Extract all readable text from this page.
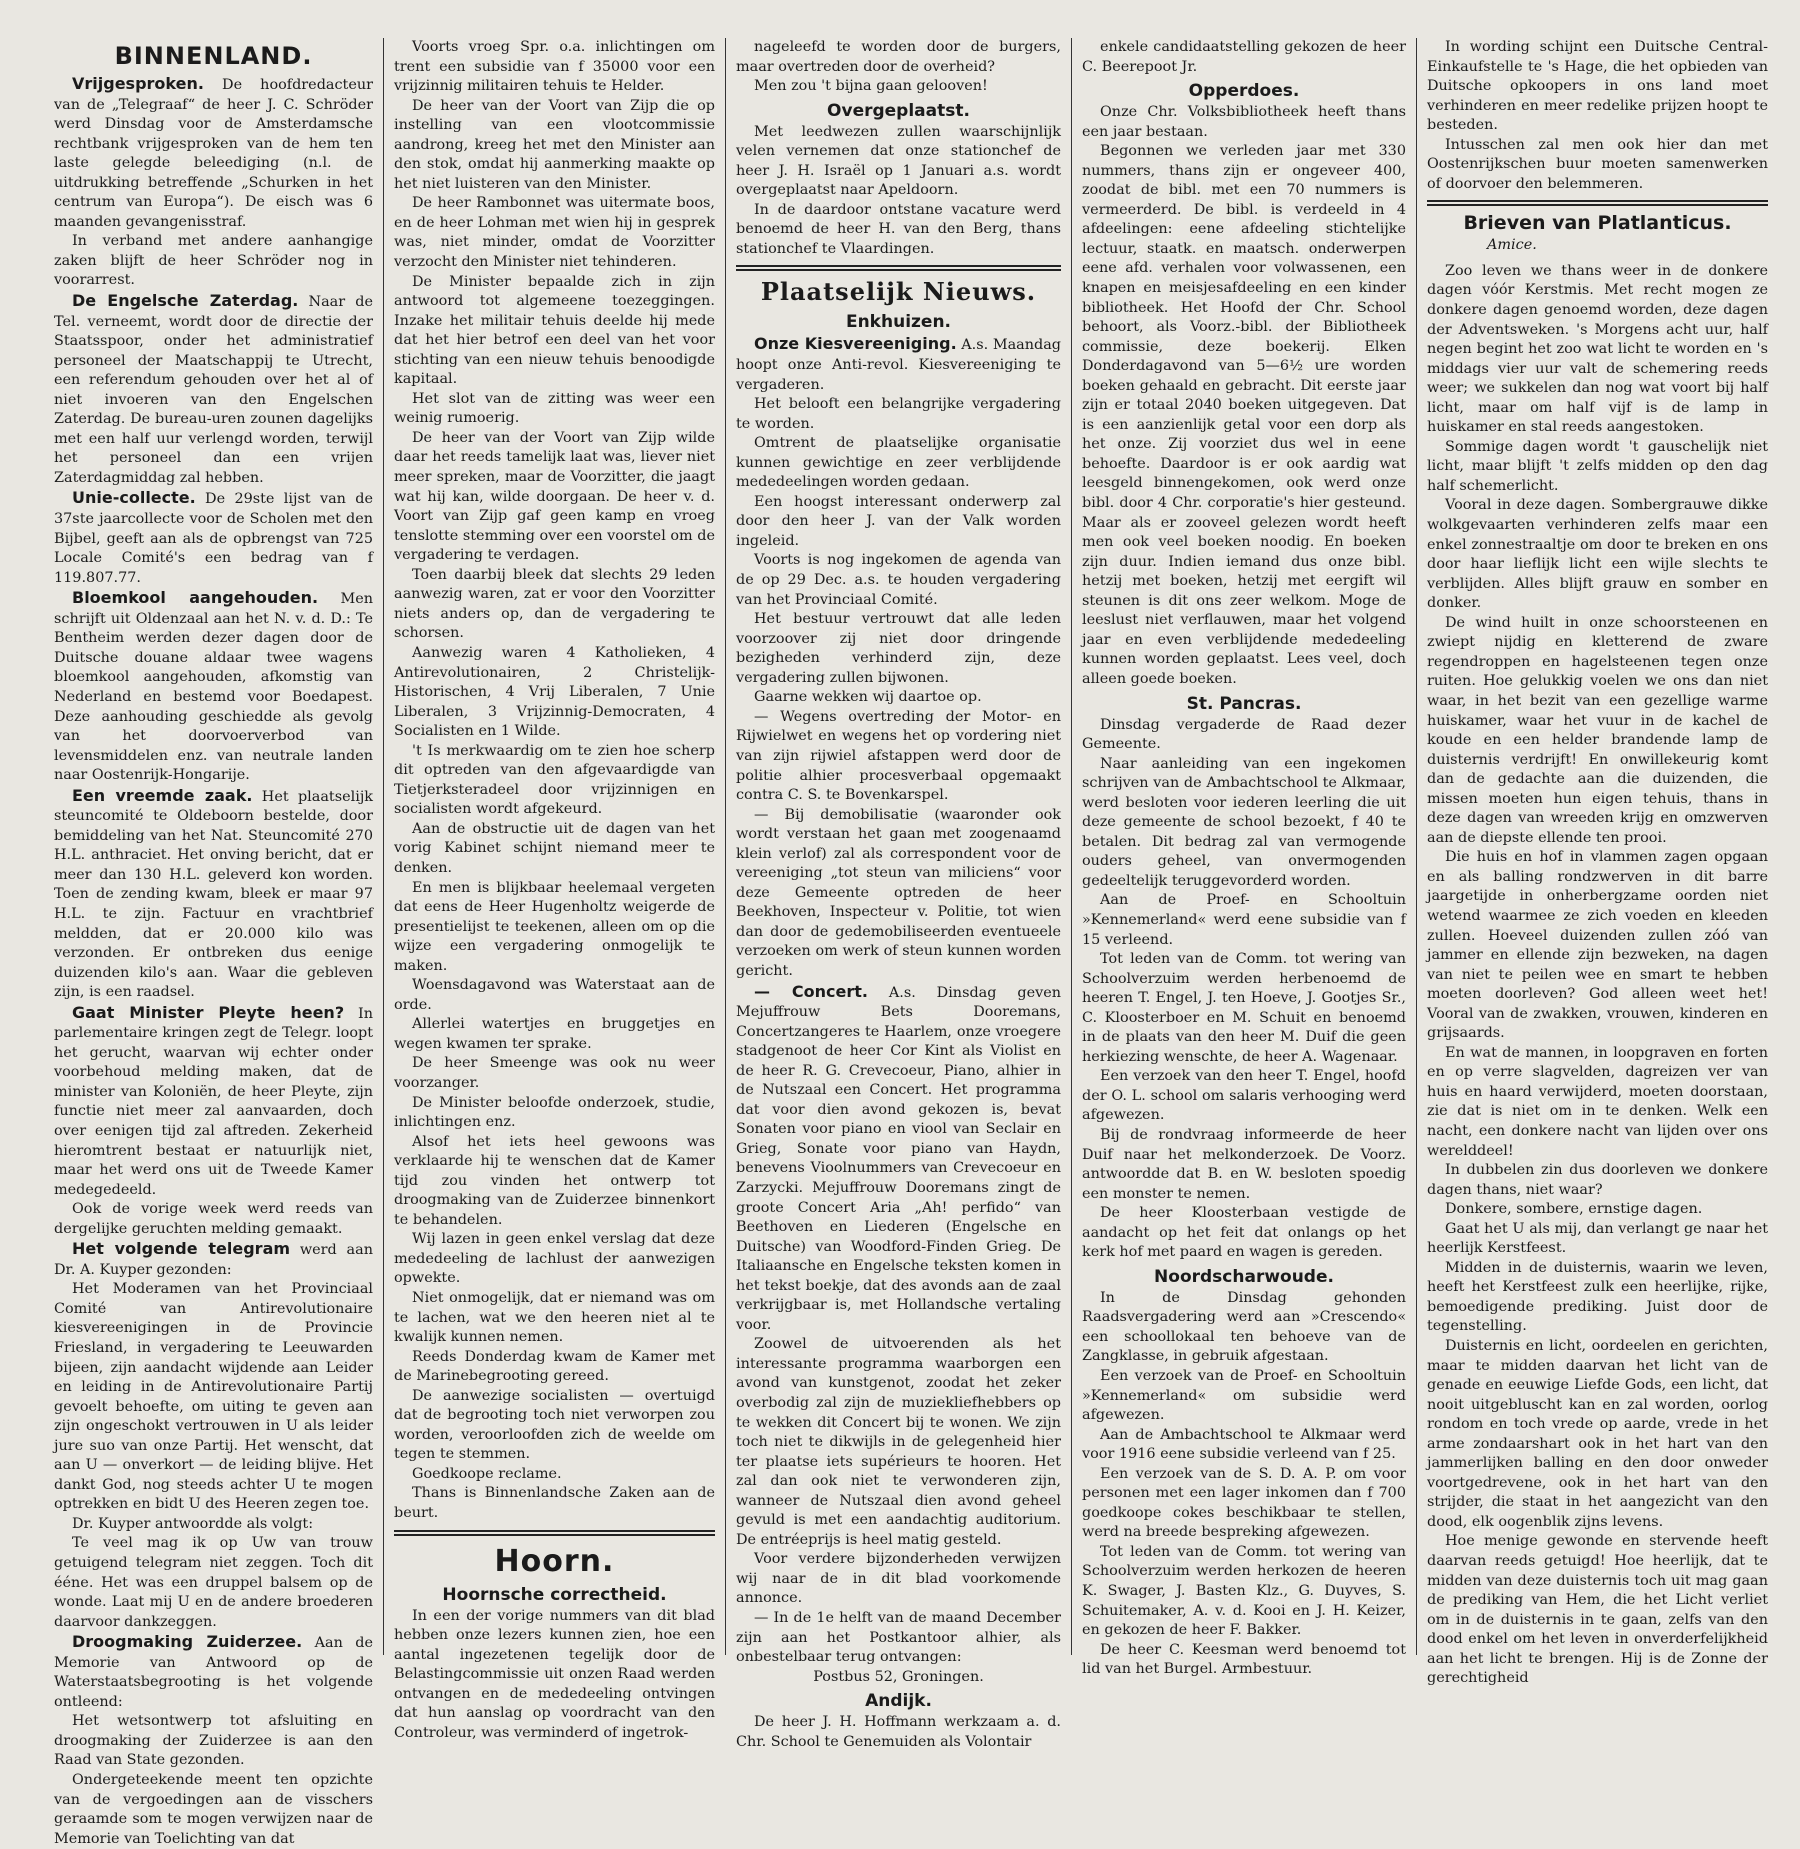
BINNENLAND.

Vrijgesproken. De hoofdredacteur van de „Telegraaf“ de heer J. C. Schröder werd Dinsdag voor de Amsterdamsche rechtbank vrijgesproken van de hem ten laste gelegde beleediging (n.l. de uitdrukking betreffende „Schurken in het centrum van Europa“). De eisch was 6 maanden gevangenisstraf.

In verband met andere aanhangige zaken blijft de heer Schröder nog in voorarrest.

De Engelsche Zaterdag. Naar de Tel. verneemt, wordt door de directie der Staatsspoor, onder het administratief personeel der Maatschappij te Utrecht, een referendum gehouden over het al of niet invoeren van den Engelschen Zaterdag. De bureau-uren zounen dagelijks met een half uur verlengd worden, terwijl het personeel dan een vrijen Zaterdagmiddag zal hebben.

Unie-collecte. De 29ste lijst van de 37ste jaarcollecte voor de Scholen met den Bijbel, geeft aan als de opbrengst van 725 Locale Comité's een bedrag van f 119.807.77.

Bloemkool aangehouden. Men schrijft uit Oldenzaal aan het N. v. d. D.: Te Bentheim werden dezer dagen door de Duitsche douane aldaar twee wagens bloemkool aangehouden, afkomstig van Nederland en bestemd voor Boedapest. Deze aanhouding geschiedde als gevolg van het doorvoerverbod van levensmiddelen enz. van neutrale landen naar Oostenrijk-Hongarije.

Een vreemde zaak. Het plaatselijk steuncomité te Oldeboorn bestelde, door bemiddeling van het Nat. Steuncomité 270 H.L. anthraciet. Het onving bericht, dat er meer dan 130 H.L. geleverd kon worden. Toen de zending kwam, bleek er maar 97 H.L. te zijn. Factuur en vrachtbrief meldden, dat er 20.000 kilo was verzonden. Er ontbreken dus eenige duizenden kilo's aan. Waar die gebleven zijn, is een raadsel.

Gaat Minister Pleyte heen? In parlementaire kringen zegt de Telegr. loopt het gerucht, waarvan wij echter onder voorbehoud melding maken, dat de minister van Koloniën, de heer Pleyte, zijn functie niet meer zal aanvaarden, doch over eenigen tijd zal aftreden. Zekerheid hieromtrent bestaat er natuurlijk niet, maar het werd ons uit de Tweede Kamer medegedeeld.

Ook de vorige week werd reeds van dergelijke geruchten melding gemaakt.

Het volgende telegram werd aan Dr. A. Kuyper gezonden:

Het Moderamen van het Provinciaal Comité van Antirevolutionaire kiesvereenigingen in de Provincie Friesland, in vergadering te Leeuwarden bijeen, zijn aandacht wijdende aan Leider en leiding in de Antirevolutionaire Partij gevoelt behoefte, om uiting te geven aan zijn ongeschokt vertrouwen in U als leider jure suo van onze Partij. Het wenscht, dat aan U — onverkort — de leiding blijve. Het dankt God, nog steeds achter U te mogen optrekken en bidt U des Heeren zegen toe.

Dr. Kuyper antwoordde als volgt:

Te veel mag ik op Uw van trouw getuigend telegram niet zeggen. Toch dit ééne. Het was een druppel balsem op de wonde. Laat mij U en de andere broederen daarvoor dankzeggen.

Droogmaking Zuiderzee. Aan de Memorie van Antwoord op de Waterstaatsbegrooting is het volgende ontleend:

Het wetsontwerp tot afsluiting en droogmaking der Zuiderzee is aan den Raad van State gezonden.

Ondergeteekende meent ten opzichte van de vergoedingen aan de visschers geraamde som te mogen verwijzen naar de Memorie van Toelichting van dat

Voorts vroeg Spr. o.a. inlichtingen om trent een subsidie van f 35000 voor een vrijzinnig militairen tehuis te Helder.

De heer van der Voort van Zijp die op instelling van een vlootcommissie aandrong, kreeg het met den Minister aan den stok, omdat hij aanmerking maakte op het niet luisteren van den Minister.

De heer Rambonnet was uitermate boos, en de heer Lohman met wien hij in gesprek was, niet minder, omdat de Voorzitter verzocht den Minister niet tehinderen.

De Minister bepaalde zich in zijn antwoord tot algemeene toezeggingen. Inzake het militair tehuis deelde hij mede dat het hier betrof een deel van het voor stichting van een nieuw tehuis benoodigde kapitaal.

Het slot van de zitting was weer een weinig rumoerig.

De heer van der Voort van Zijp wilde daar het reeds tamelijk laat was, liever niet meer spreken, maar de Voorzitter, die jaagt wat hij kan, wilde doorgaan. De heer v. d. Voort van Zijp gaf geen kamp en vroeg tenslotte stemming over een voorstel om de vergadering te verdagen.

Toen daarbij bleek dat slechts 29 leden aanwezig waren, zat er voor den Voorzitter niets anders op, dan de vergadering te schorsen.

Aanwezig waren 4 Katholieken, 4 Antirevolutionairen, 2 Christelijk-Historischen, 4 Vrij Liberalen, 7 Unie Liberalen, 3 Vrijzinnig-Democraten, 4 Socialisten en 1 Wilde.

't Is merkwaardig om te zien hoe scherp dit optreden van den afgevaardigde van Tietjerksteradeel door vrijzinnigen en socialisten wordt afgekeurd.

Aan de obstructie uit de dagen van het vorig Kabinet schijnt niemand meer te denken.

En men is blijkbaar heelemaal vergeten dat eens de Heer Hugenholtz weigerde de presentielijst te teekenen, alleen om op die wijze een vergadering onmogelijk te maken.

Woensdagavond was Waterstaat aan de orde.

Allerlei watertjes en bruggetjes en wegen kwamen ter sprake.

De heer Smeenge was ook nu weer voorzanger.

De Minister beloofde onderzoek, studie, inlichtingen enz.

Alsof het iets heel gewoons was verklaarde hij te wenschen dat de Kamer tijd zou vinden het ontwerp tot droogmaking van de Zuiderzee binnenkort te behandelen.

Wij lazen in geen enkel verslag dat deze mededeeling de lachlust der aanwezigen opwekte.

Niet onmogelijk, dat er niemand was om te lachen, wat we den heeren niet al te kwalijk kunnen nemen.

Reeds Donderdag kwam de Kamer met de Marinebegrooting gereed.

De aanwezige socialisten — overtuigd dat de begrooting toch niet verworpen zou worden, veroorloofden zich de weelde om tegen te stemmen.

Goedkoope reclame.

Thans is Binnenlandsche Zaken aan de beurt.

Hoorn.
Hoornsche correctheid.

In een der vorige nummers van dit blad hebben onze lezers kunnen zien, hoe een aantal ingezetenen tegelijk door de Belastingcommissie uit onzen Raad werden ontvangen en de mededeeling ontvingen dat hun aanslag op voordracht van den Controleur, was verminderd of ingetrok-

nageleefd te worden door de burgers, maar overtreden door de overheid?

Men zou 't bijna gaan gelooven!

Overgeplaatst.

Met leedwezen zullen waarschijnlijk velen vernemen dat onze stationchef de heer J. H. Israël op 1 Januari a.s. wordt overgeplaatst naar Apeldoorn.

In de daardoor ontstane vacature werd benoemd de heer H. van den Berg, thans stationchef te Vlaardingen.

Plaatselijk Nieuws.
Enkhuizen.

Onze Kiesvereeniging. A.s. Maandag hoopt onze Anti-revol. Kiesvereeniging te vergaderen.

Het belooft een belangrijke vergadering te worden.

Omtrent de plaatselijke organisatie kunnen gewichtige en zeer verblijdende mededeelingen worden gedaan.

Een hoogst interessant onderwerp zal door den heer J. van der Valk worden ingeleid.

Voorts is nog ingekomen de agenda van de op 29 Dec. a.s. te houden vergadering van het Provinciaal Comité.

Het bestuur vertrouwt dat alle leden voorzoover zij niet door dringende bezigheden verhinderd zijn, deze vergadering zullen bijwonen.

Gaarne wekken wij daartoe op.

— Wegens overtreding der Motor- en Rijwielwet en wegens het op vordering niet van zijn rijwiel afstappen werd door de politie alhier procesverbaal opgemaakt contra C. S. te Bovenkarspel.

— Bij demobilisatie (waaronder ook wordt verstaan het gaan met zoogenaamd klein verlof) zal als correspondent voor de vereeniging „tot steun van miliciens“ voor deze Gemeente optreden de heer Beekhoven, Inspecteur v. Politie, tot wien dan door de gedemobiliseerden eventueele verzoeken om werk of steun kunnen worden gericht.

— Concert. A.s. Dinsdag geven Mejuffrouw Bets Dooremans, Concertzangeres te Haarlem, onze vroegere stadgenoot de heer Cor Kint als Violist en de heer R. G. Crevecoeur, Piano, alhier in de Nutszaal een Concert. Het programma dat voor dien avond gekozen is, bevat Sonaten voor piano en viool van Seclair en Grieg, Sonate voor piano van Haydn, benevens Vioolnummers van Crevecoeur en Zarzycki. Mejuffrouw Dooremans zingt de groote Concert Aria „Ah! perfido“ van Beethoven en Liederen (Engelsche en Duitsche) van Woodford-Finden Grieg. De Italiaansche en Engelsche teksten komen in het tekst boekje, dat des avonds aan de zaal verkrijgbaar is, met Hollandsche vertaling voor.

Zoowel de uitvoerenden als het interessante programma waarborgen een avond van kunstgenot, zoodat het zeker overbodig zal zijn de muziekliefhebbers op te wekken dit Concert bij te wonen. We zijn toch niet te dikwijls in de gelegenheid hier ter plaatse iets supérieurs te hooren. Het zal dan ook niet te verwonderen zijn, wanneer de Nutszaal dien avond geheel gevuld is met een aandachtig auditorium. De entréeprijs is heel matig gesteld.

Voor verdere bijzonderheden verwijzen wij naar de in dit blad voorkomende annonce.

— In de 1e helft van de maand December zijn aan het Postkantoor alhier, als onbestelbaar terug ontvangen:

Postbus 52, Groningen.

Andijk.

De heer J. H. Hoffmann werkzaam a. d. Chr. School te Genemuiden als Volontair

enkele candidaatstelling gekozen de heer C. Beerepoot Jr.

Opperdoes.

Onze Chr. Volksbibliotheek heeft thans een jaar bestaan.

Begonnen we verleden jaar met 330 nummers, thans zijn er ongeveer 400, zoodat de bibl. met een 70 nummers is vermeerderd. De bibl. is verdeeld in 4 afdeelingen: eene afdeeling stichtelijke lectuur, staatk. en maatsch. onderwerpen eene afd. verhalen voor volwassenen, een knapen en meisjesafdeeling en een kinder bibliotheek. Het Hoofd der Chr. School behoort, als Voorz.-bibl. der Bibliotheek commissie, deze boekerij. Elken Donderdagavond van 5—6½ ure worden boeken gehaald en gebracht. Dit eerste jaar zijn er totaal 2040 boeken uitgegeven. Dat is een aanzienlijk getal voor een dorp als het onze. Zij voorziet dus wel in eene behoefte. Daardoor is er ook aardig wat leesgeld binnengekomen, ook werd onze bibl. door 4 Chr. corporatie's hier gesteund. Maar als er zooveel gelezen wordt heeft men ook veel boeken noodig. En boeken zijn duur. Indien iemand dus onze bibl. hetzij met boeken, hetzij met eergift wil steunen is dit ons zeer welkom. Moge de leeslust niet verflauwen, maar het volgend jaar en even verblijdende mededeeling kunnen worden geplaatst. Lees veel, doch alleen goede boeken.

St. Pancras.

Dinsdag vergaderde de Raad dezer Gemeente.

Naar aanleiding van een ingekomen schrijven van de Ambachtschool te Alkmaar, werd besloten voor iederen leerling die uit deze gemeente de school bezoekt, f 40 te betalen. Dit bedrag zal van vermogende ouders geheel, van onvermogenden gedeeltelijk teruggevorderd worden.

Aan de Proef- en Schooltuin »Kennemerland« werd eene subsidie van f 15 verleend.

Tot leden van de Comm. tot wering van Schoolverzuim werden herbenoemd de heeren T. Engel, J. ten Hoeve, J. Gootjes Sr., C. Kloosterboer en M. Schuit en benoemd in de plaats van den heer M. Duif die geen herkiezing wenschte, de heer A. Wagenaar.

Een verzoek van den heer T. Engel, hoofd der O. L. school om salaris verhooging werd afgewezen.

Bij de rondvraag informeerde de heer Duif naar het melkonderzoek. De Voorz. antwoordde dat B. en W. besloten spoedig een monster te nemen.

De heer Kloosterbaan vestigde de aandacht op het feit dat onlangs op het kerk hof met paard en wagen is gereden.

Noordscharwoude.

In de Dinsdag gehonden Raadsvergadering werd aan »Crescendo« een schoollokaal ten behoeve van de Zangklasse, in gebruik afgestaan.

Een verzoek van de Proef- en Schooltuin »Kennemerland« om subsidie werd afgewezen.

Aan de Ambachtschool te Alkmaar werd voor 1916 eene subsidie verleend van f 25.

Een verzoek van de S. D. A. P. om voor personen met een lager inkomen dan f 700 goedkoope cokes beschikbaar te stellen, werd na breede bespreking afgewezen.

Tot leden van de Comm. tot wering van Schoolverzuim werden herkozen de heeren K. Swager, J. Basten Klz., G. Duyves, S. Schuitemaker, A. v. d. Kooi en J. H. Keizer, en gekozen de heer F. Bakker.

De heer C. Keesman werd benoemd tot lid van het Burgel. Armbestuur.

In wording schijnt een Duitsche Central-Einkaufstelle te 's Hage, die het opbieden van Duitsche opkoopers in ons land moet verhinderen en meer redelike prijzen hoopt te besteden.

Intusschen zal men ook hier dan met Oostenrijkschen buur moeten samenwerken of doorvoer den belemmeren.

Brieven van Platlanticus.

Amice.

Zoo leven we thans weer in de donkere dagen vóór Kerstmis. Met recht mogen ze donkere dagen genoemd worden, deze dagen der Adventsweken. 's Morgens acht uur, half negen begint het zoo wat licht te worden en 's middags vier uur valt de schemering reeds weer; we sukkelen dan nog wat voort bij half licht, maar om half vijf is de lamp in huiskamer en stal reeds aangestoken.

Sommige dagen wordt 't gauschelijk niet licht, maar blijft 't zelfs midden op den dag half schemerlicht.

Vooral in deze dagen. Sombergrauwe dikke wolkgevaarten verhinderen zelfs maar een enkel zonnestraaltje om door te breken en ons door haar lieflijk licht een wijle slechts te verblijden. Alles blijft grauw en somber en donker.

De wind huilt in onze schoorsteenen en zwiept nijdig en kletterend de zware regendroppen en hagelsteenen tegen onze ruiten. Hoe gelukkig voelen we ons dan niet waar, in het bezit van een gezellige warme huiskamer, waar het vuur in de kachel de koude en een helder brandende lamp de duisternis verdrijft! En onwillekeurig komt dan de gedachte aan die duizenden, die missen moeten hun eigen tehuis, thans in deze dagen van wreeden krijg en omzwerven aan de diepste ellende ten prooi.

Die huis en hof in vlammen zagen opgaan en als balling rondzwerven in dit barre jaargetijde in onherbergzame oorden niet wetend waarmee ze zich voeden en kleeden zullen. Hoeveel duizenden zullen zóó van jammer en ellende zijn bezweken, na dagen van niet te peilen wee en smart te hebben moeten doorleven? God alleen weet het! Vooral van de zwakken, vrouwen, kinderen en grijsaards.

En wat de mannen, in loopgraven en forten en op verre slagvelden, dagreizen ver van huis en haard verwijderd, moeten doorstaan, zie dat is niet om in te denken. Welk een nacht, een donkere nacht van lijden over ons werelddeel!

In dubbelen zin dus doorleven we donkere dagen thans, niet waar?

Donkere, sombere, ernstige dagen.

Gaat het U als mij, dan verlangt ge naar het heerlijk Kerstfeest.

Midden in de duisternis, waarin we leven, heeft het Kerstfeest zulk een heerlijke, rijke, bemoedigende prediking. Juist door de tegenstelling.

Duisternis en licht, oordeelen en gerichten, maar te midden daarvan het licht van de genade en eeuwige Liefde Gods, een licht, dat nooit uitgebluscht kan en zal worden, oorlog rondom en toch vrede op aarde, vrede in het arme zondaarshart ook in het hart van den jammerlijken balling en den door onweder voortgedrevene, ook in het hart van den strijder, die staat in het aangezicht van den dood, elk oogenblik zijns levens.

Hoe menige gewonde en stervende heeft daarvan reeds getuigd! Hoe heerlijk, dat te midden van deze duisternis toch uit mag gaan de prediking van Hem, die het Licht verliet om in de duisternis in te gaan, zelfs van den dood enkel om het leven in onverderfelijkheid aan het licht te brengen. Hij is de Zonne der gerechtigheid
